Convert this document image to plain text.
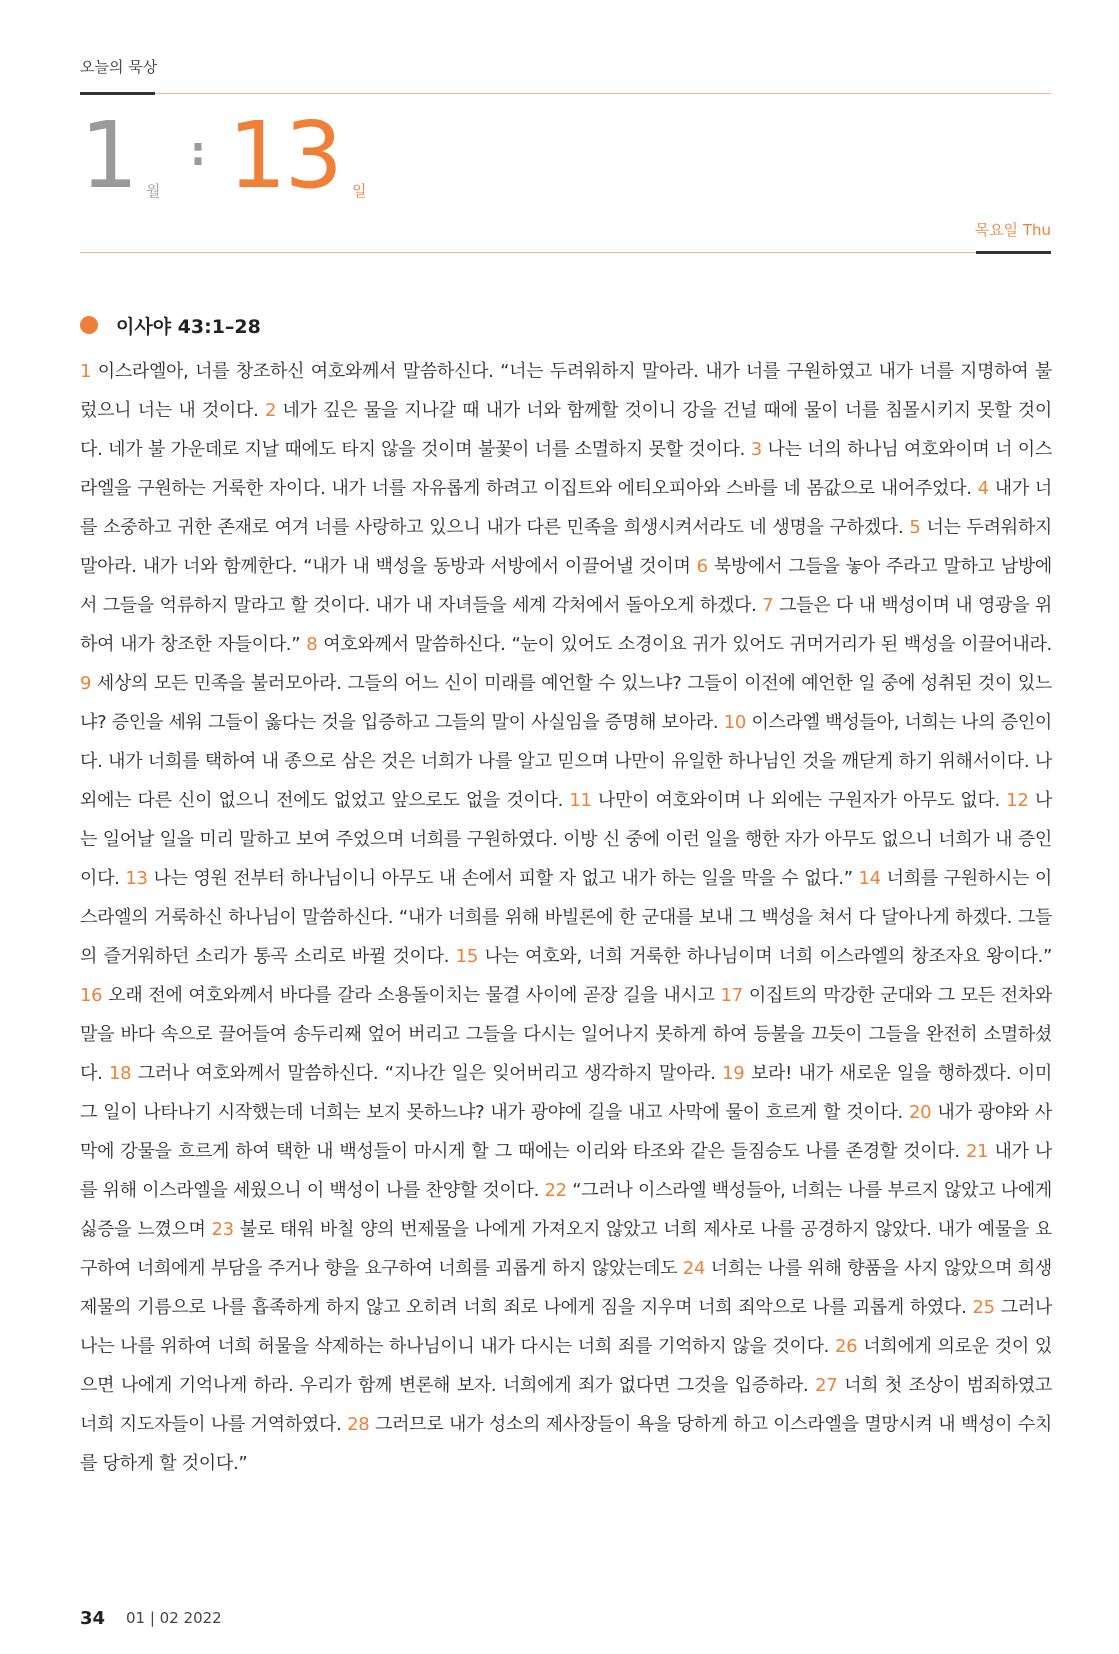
오늘의 묵상
1 월
: 13 일
목요일 Thu
이사야 43:1–28
1 이스라엘아, 너를 창조하신 여호와께서 말씀하신다. “너는 두려워하지 말아라. 내가 너를 구원하였고 내가 너를 지명하여 불렀으니 너는 내 것이다. 2 네가 깊은 물을 지나갈 때 내가 너와 함께할 것이니 강을 건널 때에 물이 너를 침몰시키지 못할 것이다. 네가 불 가운데로 지날 때에도 타지 않을 것이며 불꽃이 너를 소멸하지 못할 것이다. 3 나는 너의 하나님 여호와이며 너 이스라엘을 구원하는 거룩한 자이다. 내가 너를 자유롭게 하려고 이집트와 에티오피아와 스바를 네 몸값으로 내어주었다. 4 내가 너를 소중하고 귀한 존재로 여겨 너를 사랑하고 있으니 내가 다른 민족을 희생시켜서라도 네 생명을 구하겠다. 5 너는 두려워하지 말아라. 내가 너와 함께한다. “내가 내 백성을 동방과 서방에서 이끌어낼 것이며 6 북방에서 그들을 놓아 주라고 말하고 남방에서 그들을 억류하지 말라고 할 것이다. 내가 내 자녀들을 세계 각처에서 돌아오게 하겠다. 7 그들은 다 내 백성이며 내 영광을 위하여 내가 창조한 자들이다.” 8 여호와께서 말씀하신다. “눈이 있어도 소경이요 귀가 있어도 귀머거리가 된 백성을 이끌어내라. 9 세상의 모든 민족을 불러모아라. 그들의 어느 신이 미래를 예언할 수 있느냐? 그들이 이전에 예언한 일 중에 성취된 것이 있느냐? 증인을 세워 그들이 옳다는 것을 입증하고 그들의 말이 사실임을 증명해 보아라. 10 이스라엘 백성들아, 너희는 나의 증인이다. 내가 너희를 택하여 내 종으로 삼은 것은 너희가 나를 알고 믿으며 나만이 유일한 하나님인 것을 깨닫게 하기 위해서이다. 나 외에는 다른 신이 없으니 전에도 없었고 앞으로도 없을 것이다. 11 나만이 여호와이며 나 외에는 구원자가 아무도 없다. 12 나는 일어날 일을 미리 말하고 보여 주었으며 너희를 구원하였다. 이방 신 중에 이런 일을 행한 자가 아무도 없으니 너희가 내 증인이다. 13 나는 영원 전부터 하나님이니 아무도 내 손에서 피할 자 없고 내가 하는 일을 막을 수 없다.” 14 너희를 구원하시는 이스라엘의 거룩하신 하나님이 말씀하신다. “내가 너희를 위해 바빌론에 한 군대를 보내 그 백성을 쳐서 다 달아나게 하겠다. 그들의 즐거워하던 소리가 통곡 소리로 바뀔 것이다. 15 나는 여호와, 너희 거룩한 하나님이며 너희 이스라엘의 창조자요 왕이다.” 16 오래 전에 여호와께서 바다를 갈라 소용돌이치는 물결 사이에 곧장 길을 내시고 17 이집트의 막강한 군대와 그 모든 전차와 말을 바다 속으로 끌어들여 송두리째 엎어 버리고 그들을 다시는 일어나지 못하게 하여 등불을 끄듯이 그들을 완전히 소멸하셨다. 18 그러나 여호와께서 말씀하신다. “지나간 일은 잊어버리고 생각하지 말아라. 19 보라! 내가 새로운 일을 행하겠다. 이미 그 일이 나타나기 시작했는데 너희는 보지 못하느냐? 내가 광야에 길을 내고 사막에 물이 흐르게 할 것이다. 20 내가 광야와 사막에 강물을 흐르게 하여 택한 내 백성들이 마시게 할 그 때에는 이리와 타조와 같은 들짐승도 나를 존경할 것이다. 21 내가 나를 위해 이스라엘을 세웠으니 이 백성이 나를 찬양할 것이다. 22 “그러나 이스라엘 백성들아, 너희는 나를 부르지 않았고 나에게 싫증을 느꼈으며 23 불로 태워 바칠 양의 번제물을 나에게 가져오지 않았고 너희 제사로 나를 공경하지 않았다. 내가 예물을 요구하여 너희에게 부담을 주거나 향을 요구하여 너희를 괴롭게 하지 않았는데도 24 너희는 나를 위해 향품을 사지 않았으며 희생제물의 기름으로 나를 흡족하게 하지 않고 오히려 너희 죄로 나에게 짐을 지우며 너희 죄악으로 나를 괴롭게 하였다. 25 그러나 나는 나를 위하여 너희 허물을 삭제하는 하나님이니 내가 다시는 너희 죄를 기억하지 않을 것이다. 26 너희에게 의로운 것이 있으면 나에게 기억나게 하라. 우리가 함께 변론해 보자. 너희에게 죄가 없다면 그것을 입증하라. 27 너희 첫 조상이 범죄하였고 너희 지도자들이 나를 거역하였다. 28 그러므로 내가 성소의 제사장들이 욕을 당하게 하고 이스라엘을 멸망시켜 내 백성이 수치를 당하게 할 것이다.”
34 01 | 02 2022
